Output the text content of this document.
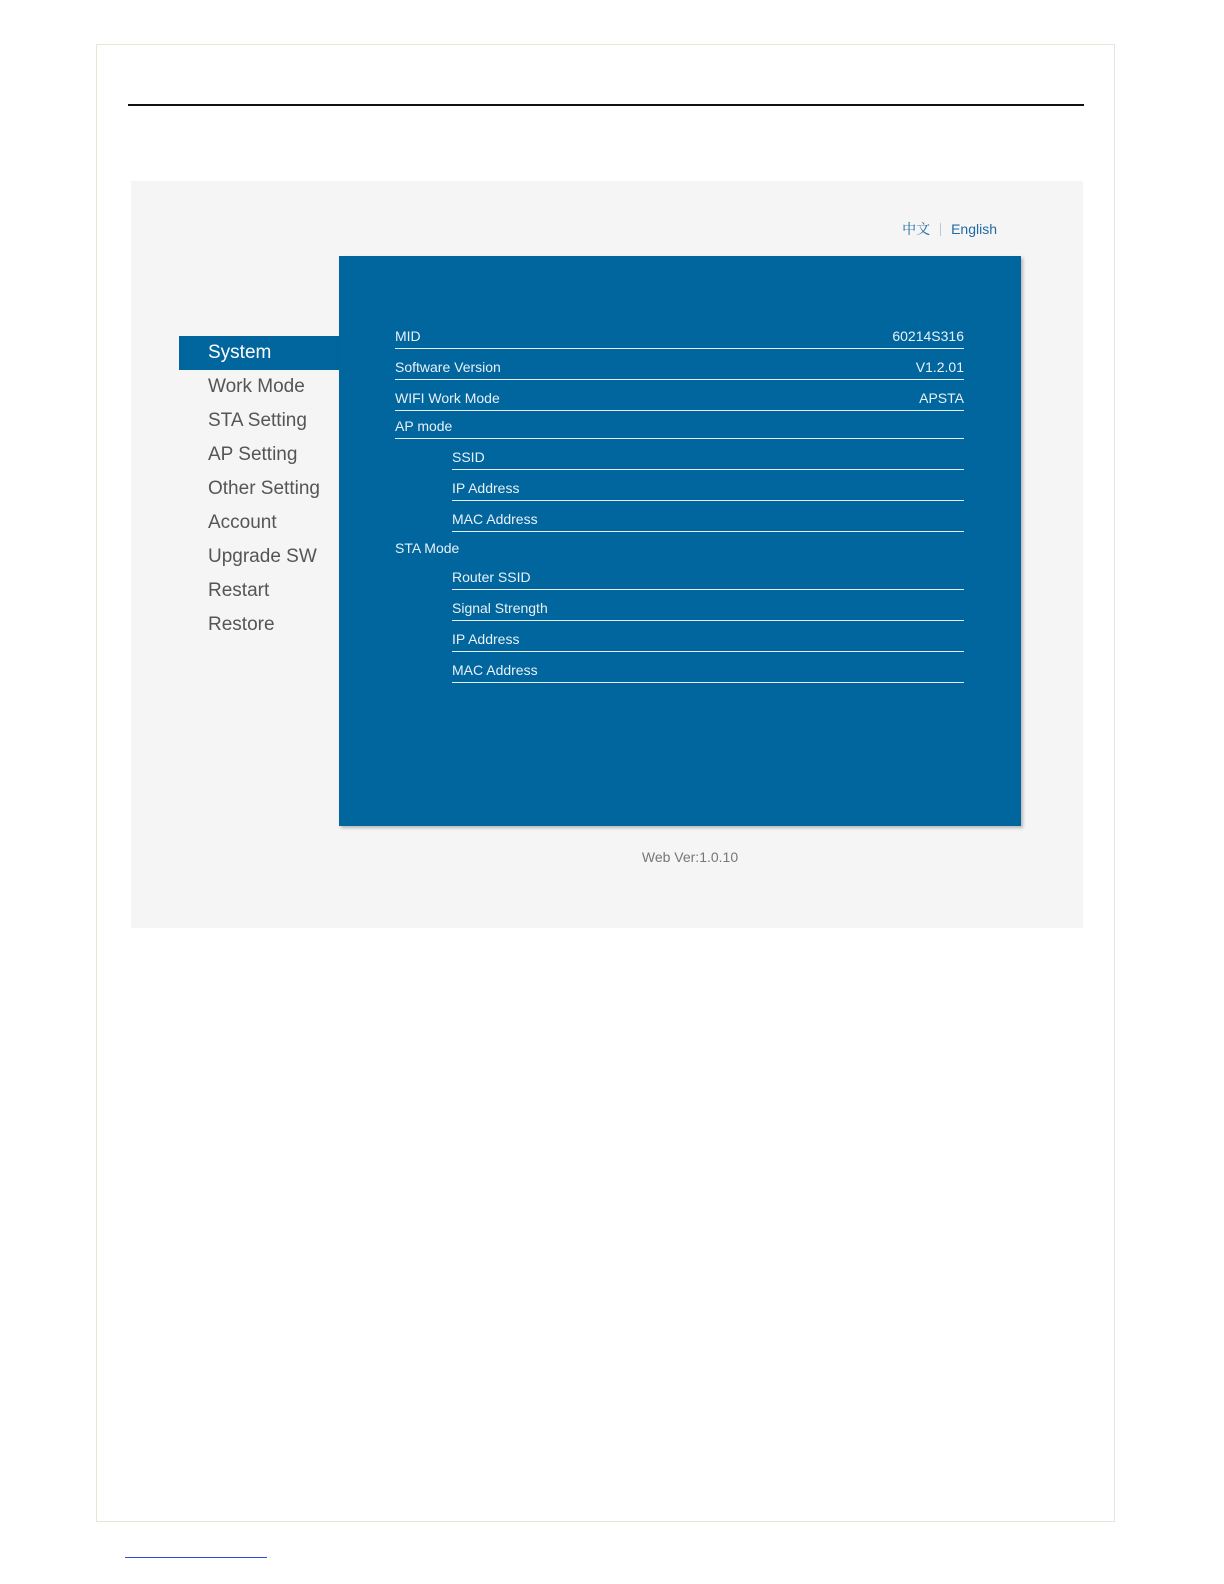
中文 English
System
Work Mode
STA Setting
AP Setting
Other Setting
Account
Upgrade SW
Restart
Restore
MID	60214S316
Software Version	V1.2.01
WIFI Work Mode	APSTA
AP mode
SSID
IP Address
MAC Address
STA Mode
Router SSID
Signal Strength
IP Address
MAC Address
Web Ver:1.0.10
